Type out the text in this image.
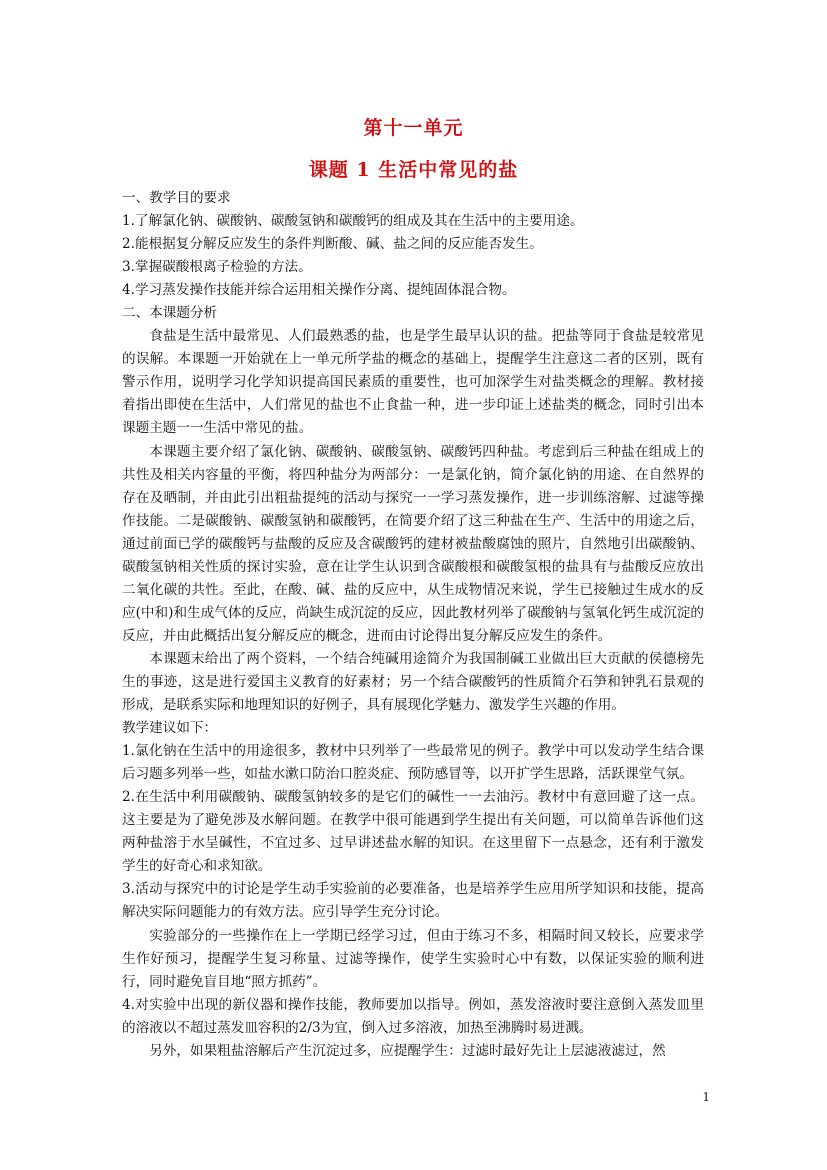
第十一单元
课题 1 生活中常见的盐

一、教学目的要求

1.了解氯化钠、碳酸钠、碳酸氢钠和碳酸钙的组成及其在生活中的主要用途。

2.能根据复分解反应发生的条件判断酸、碱、盐之间的反应能否发生。

3.掌握碳酸根离子检验的方法。

4.学习蒸发操作技能并综合运用相关操作分离、提纯固体混合物。

二、本课题分析

食盐是生活中最常见、人们最熟悉的盐，也是学生最早认识的盐。把盐等同于食盐是较常见的误解。本课题一开始就在上一单元所学盐的概念的基础上，提醒学生注意这二者的区别，既有警示作用，说明学习化学知识提高国民素质的重要性，也可加深学生对盐类概念的理解。教材接着指出即使在生活中，人们常见的盐也不止食盐一种，进一步印证上述盐类的概念，同时引出本课题主题一一生活中常见的盐。

本课题主要介绍了氯化钠、碳酸钠、碳酸氢钠、碳酸钙四种盐。考虑到后三种盐在组成上的共性及相关内容量的平衡，将四种盐分为两部分：一是氯化钠，简介氯化钠的用途、在自然界的存在及晒制，并由此引出粗盐提纯的活动与探究一一学习蒸发操作，进一步训练溶解、过滤等操作技能。二是碳酸钠、碳酸氢钠和碳酸钙，在简要介绍了这三种盐在生产、生活中的用途之后，通过前面已学的碳酸钙与盐酸的反应及含碳酸钙的建材被盐酸腐蚀的照片，自然地引出碳酸钠、碳酸氢钠相关性质的探讨实验，意在让学生认识到含碳酸根和碳酸氢根的盐具有与盐酸反应放出二氧化碳的共性。至此，在酸、碱、盐的反应中，从生成物情况来说，学生已接触过生成水的反应(中和)和生成气体的反应，尚缺生成沉淀的反应，因此教材列举了碳酸钠与氢氧化钙生成沉淀的反应，并由此概括出复分解反应的概念，进而由讨论得出复分解反应发生的条件。

本课题末给出了两个资料，一个结合纯碱用途简介为我国制碱工业做出巨大贡献的侯德榜先生的事迹，这是进行爱国主义教育的好素材；另一个结合碳酸钙的性质简介石笋和钟乳石景观的形成，是联系实际和地理知识的好例子，具有展现化学魅力、激发学生兴趣的作用。

教学建议如下：

1.氯化钠在生活中的用途很多，教材中只列举了一些最常见的例子。教学中可以发动学生结合课后习题多列举一些，如盐水漱口防治口腔炎症、预防感冒等，以开扩学生思路，活跃课堂气氛。

2.在生活中利用碳酸钠、碳酸氢钠较多的是它们的碱性一一去油污。教材中有意回避了这一点。这主要是为了避免涉及水解问题。在教学中很可能遇到学生提出有关问题，可以简单告诉他们这两种盐溶于水呈碱性，不宜过多、过早讲述盐水解的知识。在这里留下一点悬念，还有利于激发学生的好奇心和求知欲。

3.活动与探究中的讨论是学生动手实验前的必要准备，也是培养学生应用所学知识和技能，提高解决实际问题能力的有效方法。应引导学生充分讨论。

实验部分的一些操作在上一学期已经学习过，但由于练习不多，相隔时间又较长，应要求学生作好预习，提醒学生复习称量、过滤等操作，使学生实验时心中有数，以保证实验的顺利进行，同时避免盲目地“照方抓药”。

4.对实验中出现的新仪器和操作技能，教师要加以指导。例如，蒸发溶液时要注意倒入蒸发皿里的溶液以不超过蒸发皿容积的2/3为宜，倒入过多溶液，加热至沸腾时易迸溅。

另外，如果粗盐溶解后产生沉淀过多，应提醒学生：过滤时最好先让上层滤液滤过，然

1
